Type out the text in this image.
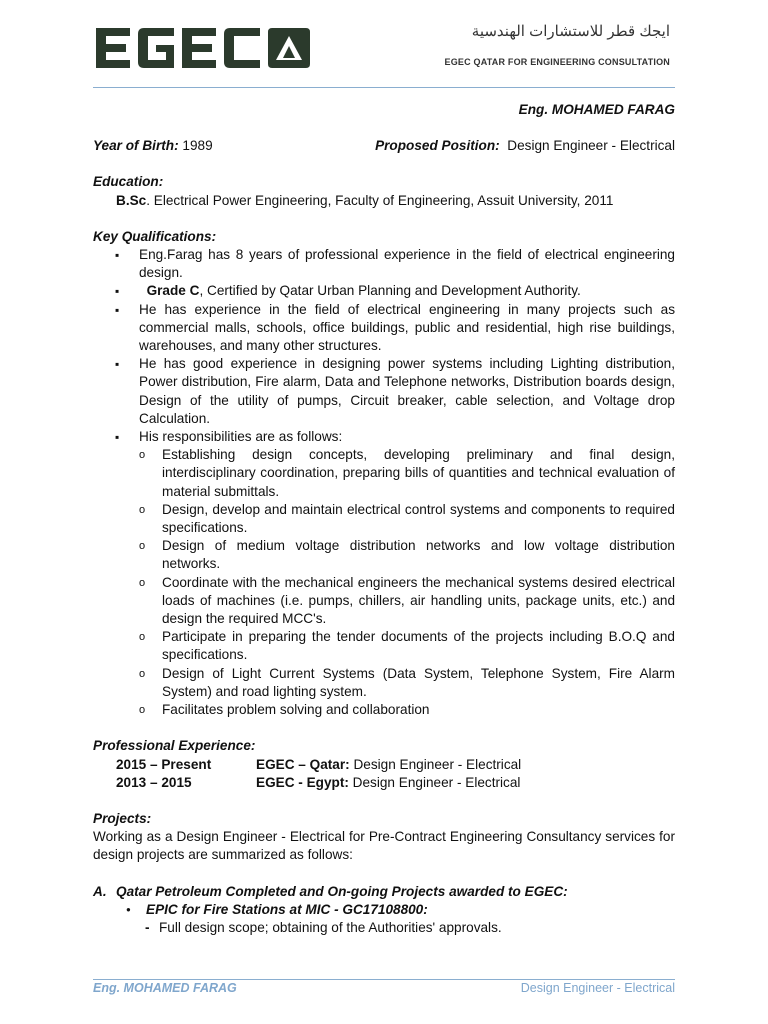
ايجك قطر للاستشارات الهندسية
EGEC QATAR FOR ENGINEERING CONSULTATION

Eng. MOHAMED FARAG

Year of Birth: 1989	Proposed Position: Design Engineer - Electrical

Education:

B.Sc. Electrical Power Engineering, Faculty of Engineering, Assuit University, 2011

Key Qualifications:

▪ Eng.Farag has 8 years of professional experience in the field of electrical engineering design.
▪ Grade C, Certified by Qatar Urban Planning and Development Authority.
▪ He has experience in the field of electrical engineering in many projects such as commercial malls, schools, office buildings, public and residential, high rise buildings, warehouses, and many other structures.
▪ He has good experience in designing power systems including Lighting distribution, Power distribution, Fire alarm, Data and Telephone networks, Distribution boards design, Design of the utility of pumps, Circuit breaker, cable selection, and Voltage drop Calculation.
▪ His responsibilities are as follows:
o Establishing design concepts, developing preliminary and final design, interdisciplinary coordination, preparing bills of quantities and technical evaluation of material submittals.
o Design, develop and maintain electrical control systems and components to required specifications.
o Design of medium voltage distribution networks and low voltage distribution networks.
o Coordinate with the mechanical engineers the mechanical systems desired electrical loads of machines (i.e. pumps, chillers, air handling units, package units, etc.) and design the required MCC's.
o Participate in preparing the tender documents of the projects including B.O.Q and specifications.
o Design of Light Current Systems (Data System, Telephone System, Fire Alarm System) and road lighting system.
o Facilitates problem solving and collaboration

Professional Experience:

2015 – Present	EGEC – Qatar: Design Engineer - Electrical
2013 – 2015	EGEC - Egypt: Design Engineer - Electrical

Projects:

Working as a Design Engineer - Electrical for Pre-Contract Engineering Consultancy services for design projects are summarized as follows:

A. Qatar Petroleum Completed and On-going Projects awarded to EGEC:

● EPIC for Fire Stations at MIC - GC17108800:

- Full design scope; obtaining of the Authorities' approvals.

Eng. MOHAMED FARAG	Design Engineer - Electrical
